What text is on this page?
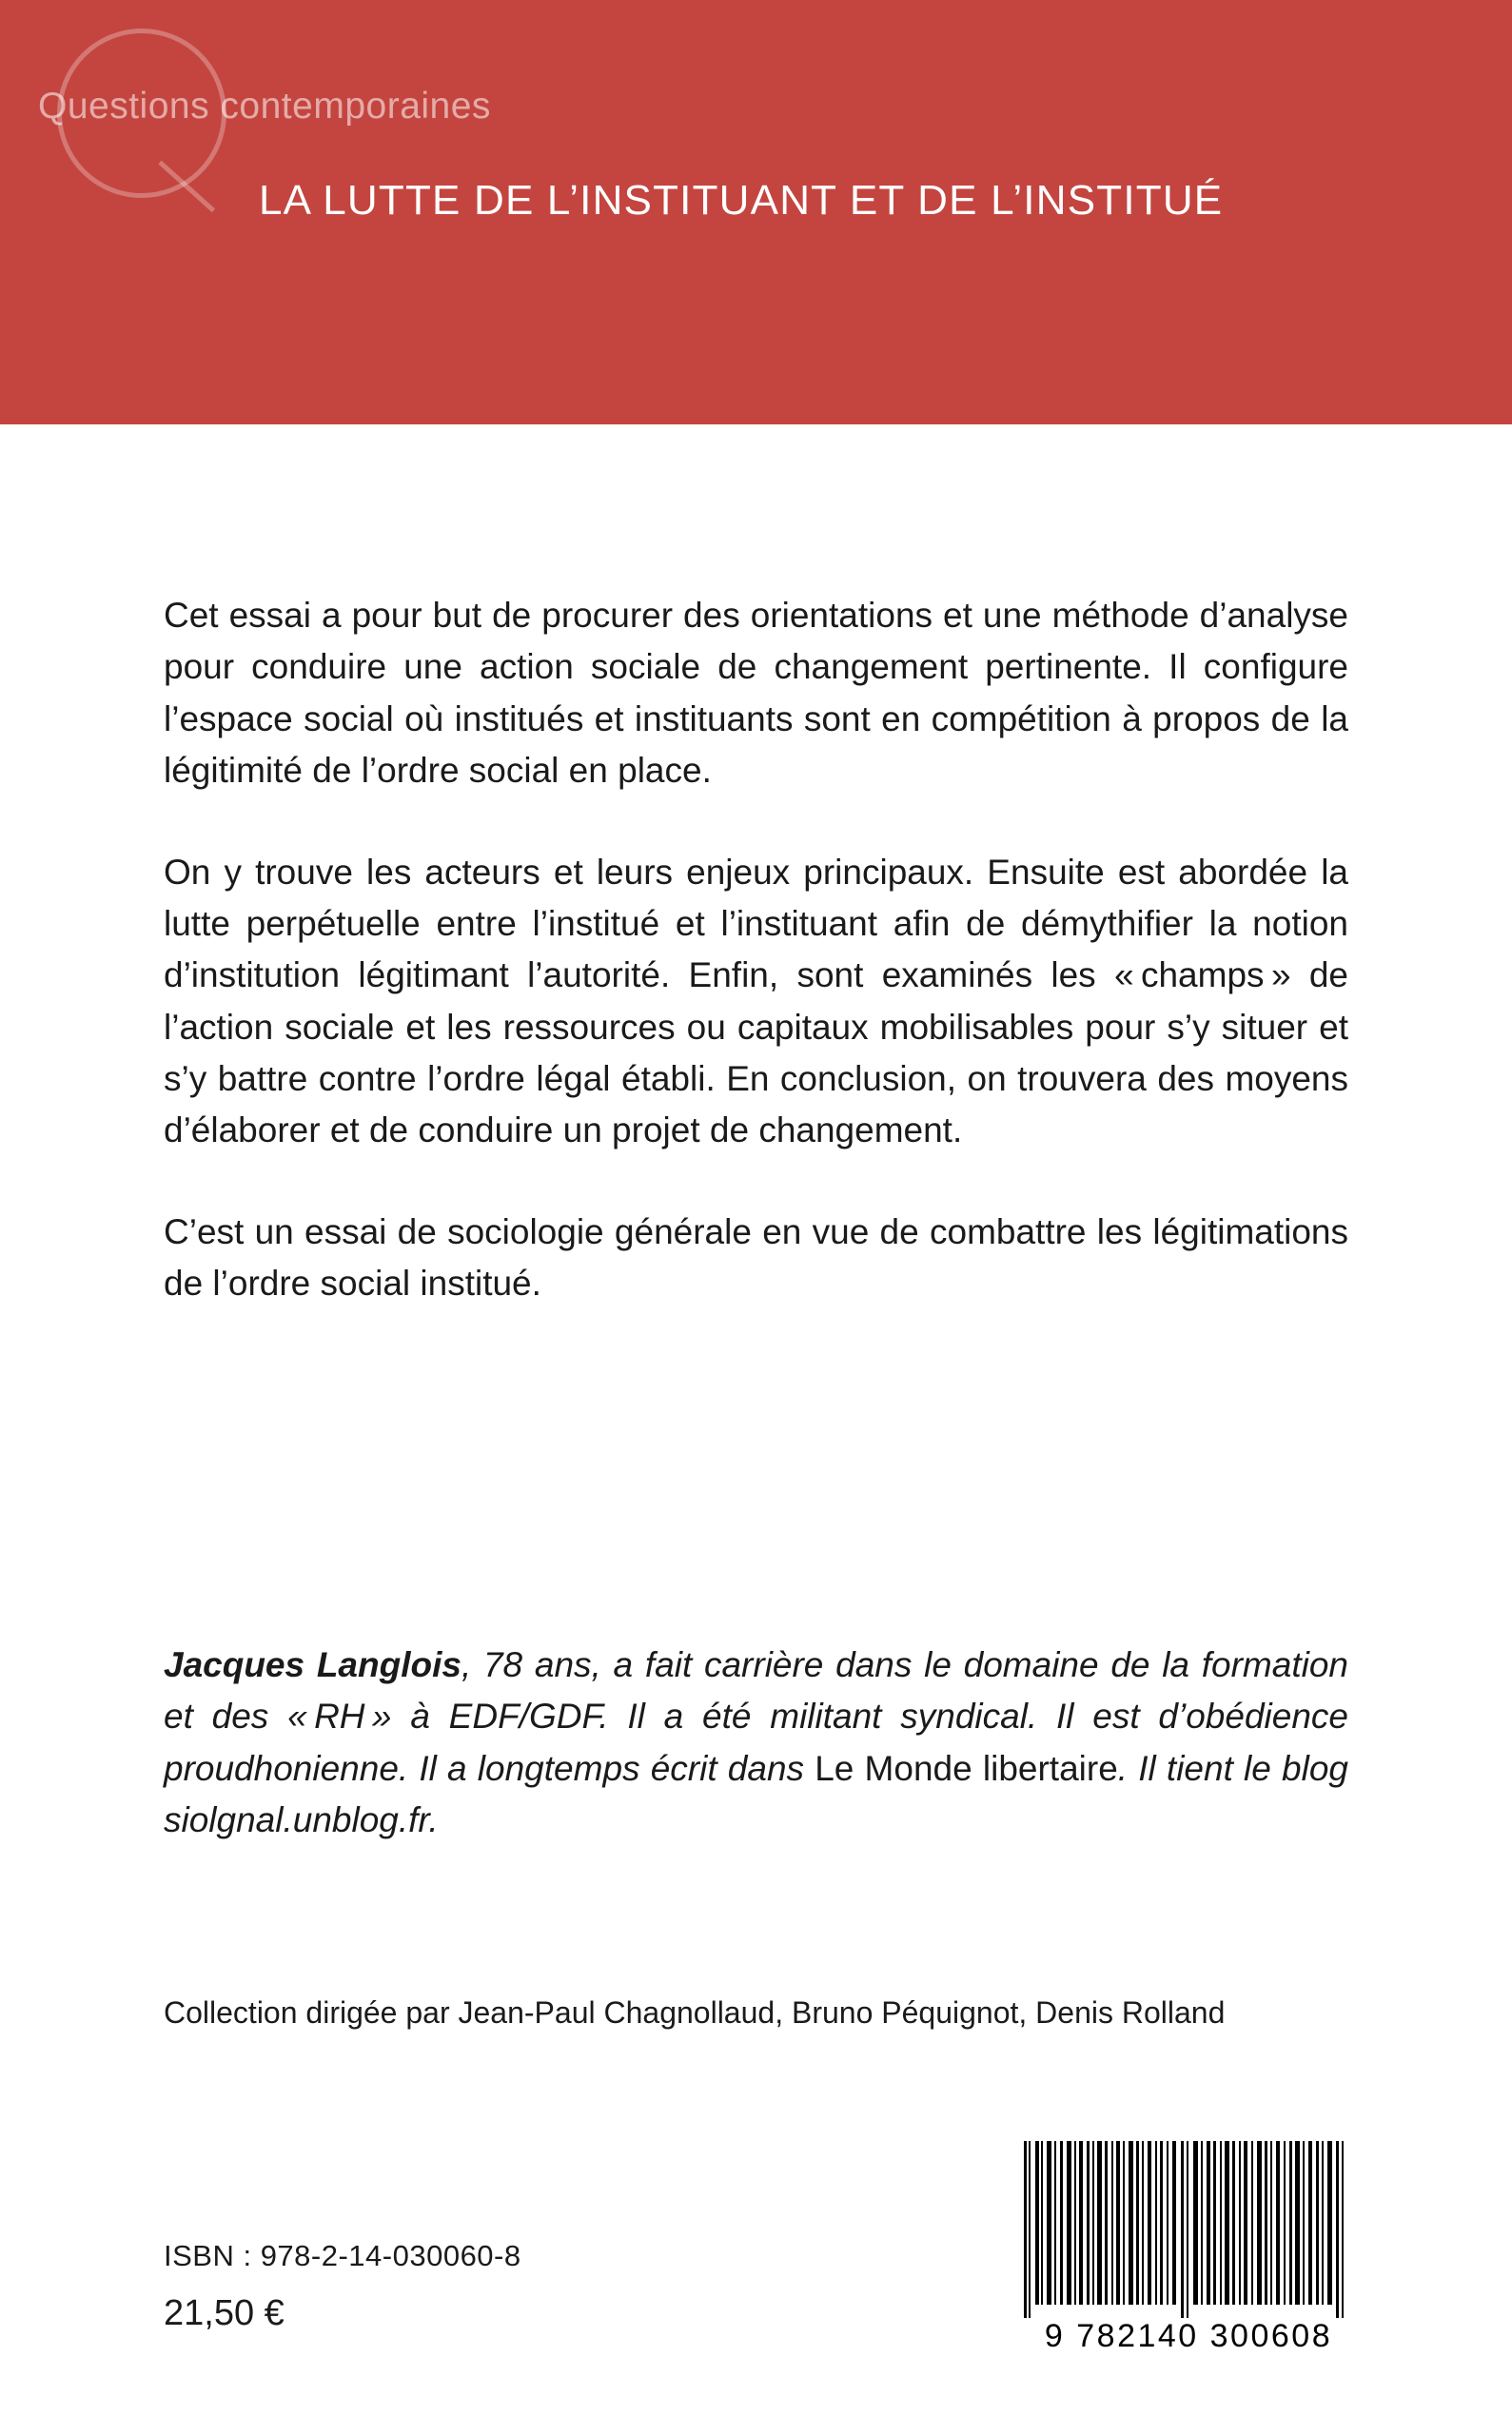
Questions contemporaines
LA LUTTE DE L’INSTITUANT ET DE L’INSTITUÉ

Cet essai a pour but de procurer des orientations et une méthode d’analyse pour conduire une action sociale de changement pertinente. Il configure l’espace social où institués et instituants sont en compétition à propos de la légitimité de l’ordre social en place.

On y trouve les acteurs et leurs enjeux principaux. Ensuite est abordée la lutte perpétuelle entre l’institué et l’instituant afin de démythifier la notion d’institution légitimant l’autorité. Enfin, sont examinés les « champs » de l’action sociale et les ressources ou capitaux mobilisables pour s’y situer et s’y battre contre l’ordre légal établi. En conclusion, on trouvera des moyens d’élaborer et de conduire un projet de changement.

C’est un essai de sociologie générale en vue de combattre les légitimations de l’ordre social institué.

Jacques Langlois, 78 ans, a fait carrière dans le domaine de la formation et des « RH » à EDF/GDF. Il a été militant syndical. Il est d’obédience proudhonienne. Il a longtemps écrit dans Le Monde libertaire. Il tient le blog siolgnal.unblog.fr.
Collection dirigée par Jean-Paul Chagnollaud, Bruno Péquignot, Denis Rolland
ISBN : 978-2-14-030060-8
21,50 €
9 782140 300608
